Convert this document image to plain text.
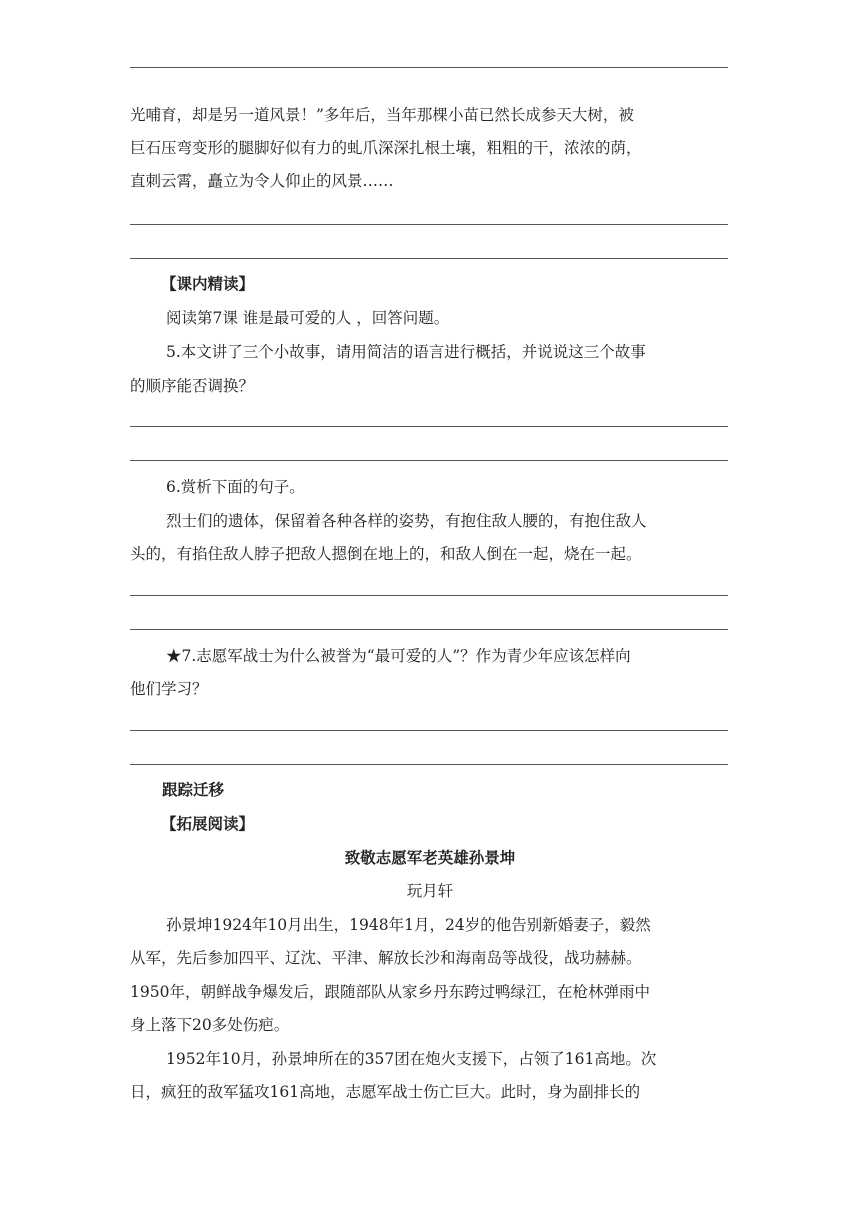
光哺育，却是另一道风景！”多年后，当年那棵小苗已然长成参天大树，被
巨石压弯变形的腿脚好似有力的虬爪深深扎根土壤，粗粗的干，浓浓的荫，
直刺云霄，矗立为令人仰止的风景……
【课内精读】
阅读第7课 谁是最可爱的人 ，回答问题。
5.本文讲了三个小故事，请用简洁的语言进行概括，并说说这三个故事
的顺序能否调换？
6.赏析下面的句子。
烈士们的遗体，保留着各种各样的姿势，有抱住敌人腰的，有抱住敌人
头的，有掐住敌人脖子把敌人摁倒在地上的，和敌人倒在一起，烧在一起。
★7.志愿军战士为什么被誉为“最可爱的人”？作为青少年应该怎样向
他们学习？
跟踪迁移
【拓展阅读】
致敬志愿军老英雄孙景坤
玩月轩
孙景坤1924年10月出生，1948年1月，24岁的他告别新婚妻子，毅然
从军，先后参加四平、辽沈、平津、解放长沙和海南岛等战役，战功赫赫。
1950年，朝鲜战争爆发后，跟随部队从家乡丹东跨过鸭绿江，在枪林弹雨中
身上落下20多处伤疤。
1952年10月，孙景坤所在的357团在炮火支援下，占领了161高地。次
日，疯狂的敌军猛攻161高地，志愿军战士伤亡巨大。此时，身为副排长的
